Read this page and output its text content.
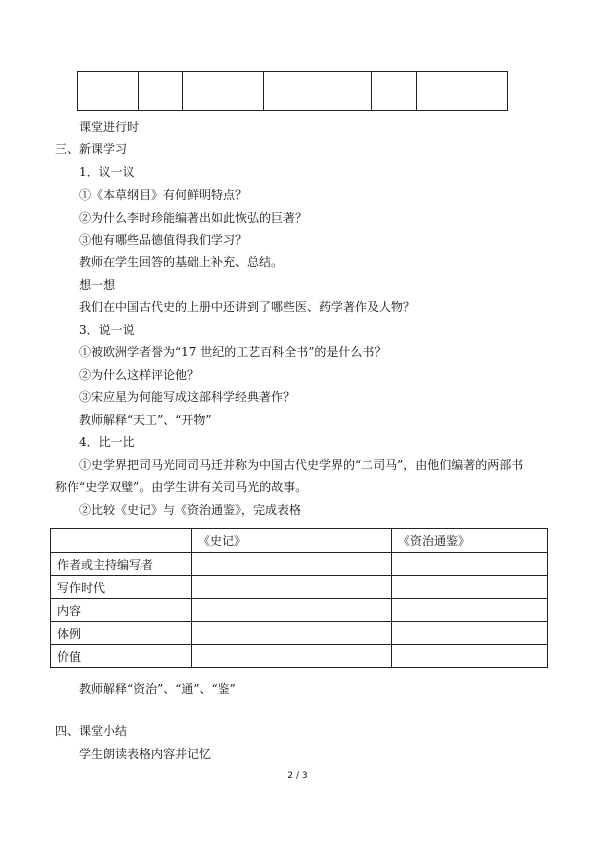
课堂进行时
三、新课学习
1．议一议
①《本草纲目》有何鲜明特点？
②为什么李时珍能编著出如此恢弘的巨著？
③他有哪些品德值得我们学习？
教师在学生回答的基础上补充、总结。
想一想
我们在中国古代史的上册中还讲到了哪些医、药学著作及人物？
3．说一说
①被欧洲学者誉为“17 世纪的工艺百科全书”的是什么书？
②为什么这样评论他？
③宋应星为何能写成这部科学经典著作？
教师解释“天工”、“开物”
4．比一比
①史学界把司马光同司马迁并称为中国古代史学界的“二司马”，由他们编著的两部书
称作“史学双璧”。由学生讲有关司马光的故事。
②比较《史记》与《资治通鉴》，完成表格
	《史记》	《资治通鉴》
作者或主持编写者		
写作时代		
内容		
体例		
价值		
教师解释“资治”、“通”、“鉴”
四、课堂小结
学生朗读表格内容并记忆
2 / 3
